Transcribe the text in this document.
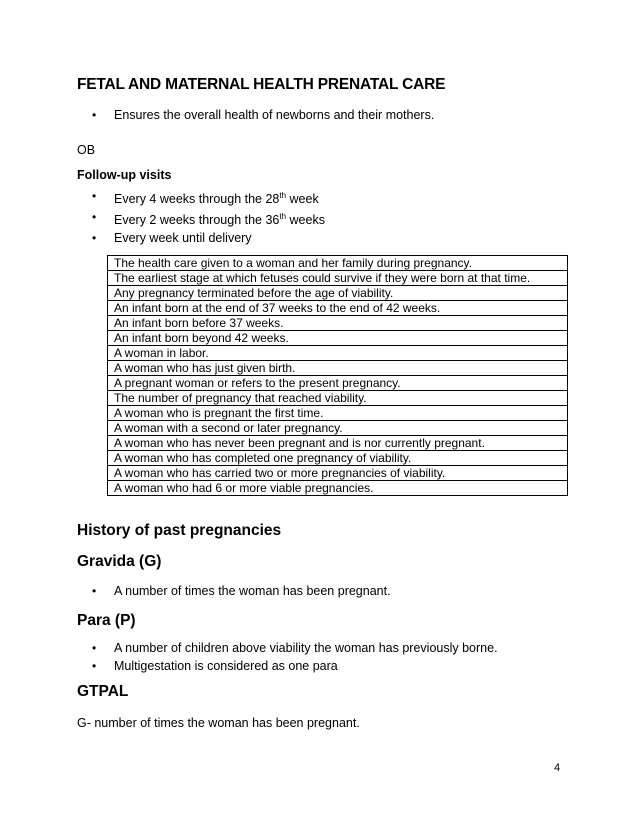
FETAL AND MATERNAL HEALTH PRENATAL CARE
• Ensures the overall health of newborns and their mothers.
OB
Follow-up visits
• Every 4 weeks through the 28th week
• Every 2 weeks through the 36th weeks
• Every week until delivery
The health care given to a woman and her family during pregnancy.
The earliest stage at which fetuses could survive if they were born at that time.
Any pregnancy terminated before the age of viability.
An infant born at the end of 37 weeks to the end of 42 weeks.
An infant born before 37 weeks.
An infant born beyond 42 weeks.
A woman in labor.
A woman who has just given birth.
A pregnant woman or refers to the present pregnancy.
The number of pregnancy that reached viability.
A woman who is pregnant the first time.
A woman with a second or later pregnancy.
A woman who has never been pregnant and is nor currently pregnant.
A woman who has completed one pregnancy of viability.
A woman who has carried two or more pregnancies of viability.
A woman who had 6 or more viable pregnancies.
History of past pregnancies
Gravida (G)
• A number of times the woman has been pregnant.
Para (P)
• A number of children above viability the woman has previously borne.
• Multigestation is considered as one para
GTPAL
G- number of times the woman has been pregnant.
4
